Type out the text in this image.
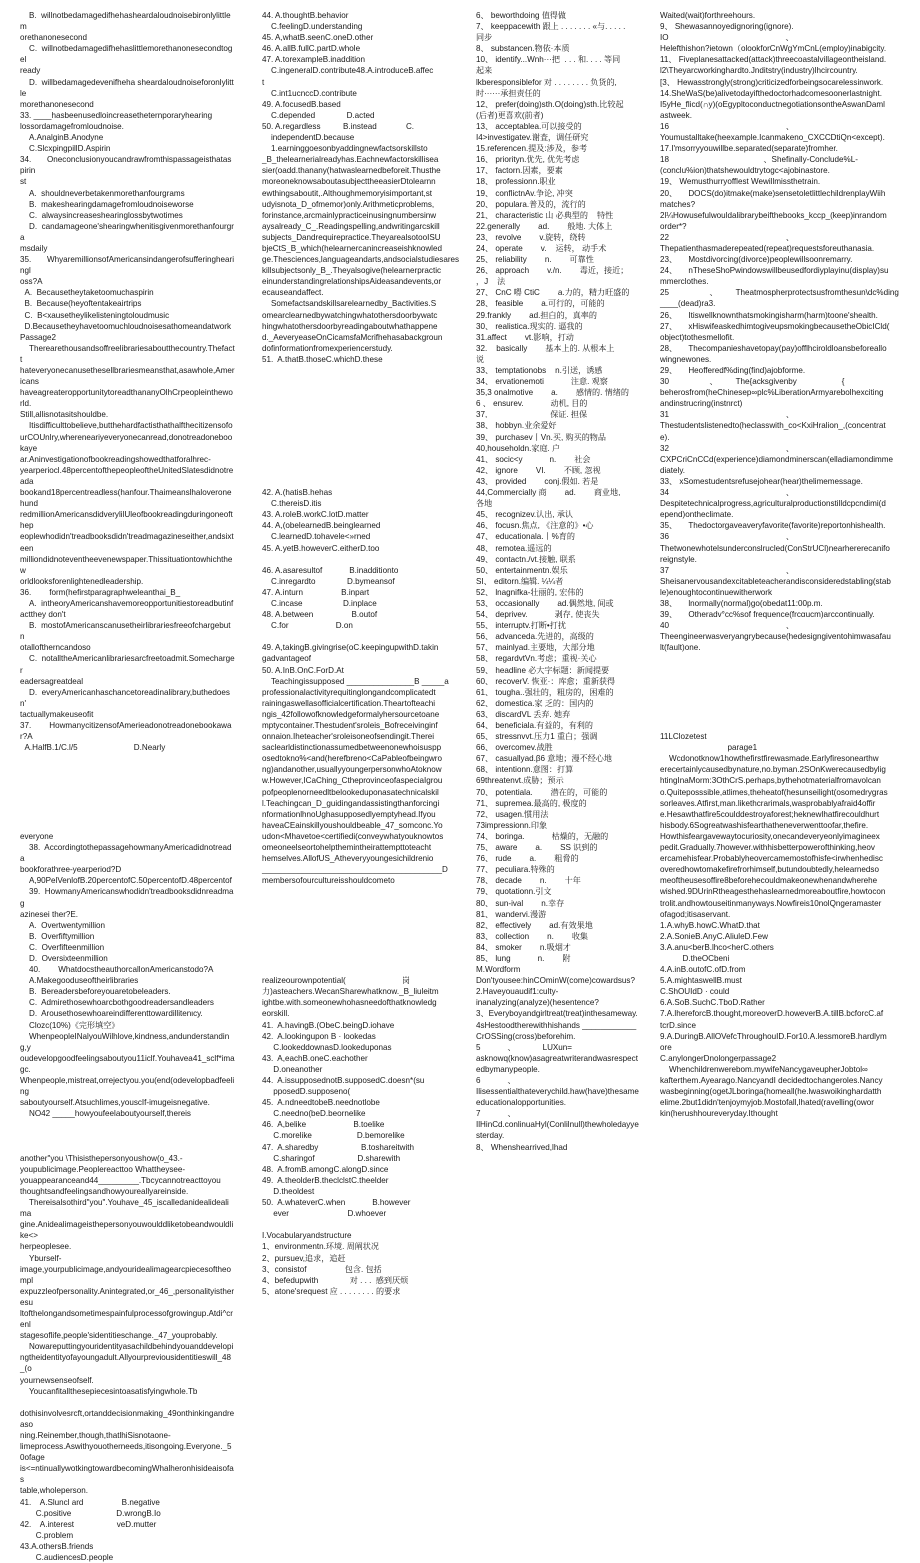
B.  willnotbedamagedifhehasheardaloudnoisebironlylittlem
orethanonesecond
C.  willnotbedamagedifhehaslittlemorethanonesecondtogel
ready
D.  willbedamagedevenifheha sheardaloudnoiseforonlylittle
morethanonesecond
33. ____hasbeenusedloincreasetheternporaryhearing
lossordamagefromloudnoise.
A.AnalginB.Anodyne
C.SlcxpingpillD.Aspirin
34.       Oneconclusionyoucandrawfromthispassageisthataspirin
st
A.  shouldneverbetakenmorethanfourgrams
B.  makeshearingdamagefromloudnoiseworse
C.  alwaysincreaseshearinglossbytwotimes
D.  candamageone'shearingwhenitisgivenmorethanfourgra
msdaily
35.       WhyaremillionsofAmericansindangerofsufferinghearingl
oss?A
A.  Becausetheytaketoomuchaspirin
B.  Because(heyoftentakeairtrips
C.  B<xausetheylikelisteningtoloudmusic
D.Becausetheyhavetoomuchloudnoisesathomeandatwork
Passage2
Therearethousandsoffreelibrariesaboutthecountry.Thefactt
hateveryonecanusethesellbrariesmeansthat,asawhole,Americans
haveagreateropportunitytoreadthananyOlhCrpeopleintheworld.
Still,allisnotasitshouldbe.
Itisdifficulttobelieve,butthehardfactisthathalfthecitizensofo
urCOUnlry,whereneariyeveryonecanread,donotreadonebookaye
ar.Aninvestigationofbookreadingshowedthatforalhrec-
yearperiocl.48percentofthepeopleoftheUnitedSlatesdidnotreada
bookand18percentreadless(hanfour.Thaimeanslhaloveronehund
redmillionAmericansdidverylilUleofbookreadingduringoneofthep
eoplewhodidn'treadbooksdidn'treadmagazineseither,andsixteen
milliondidnoteventheevenewspaper.Thissituationtowhichthew
orldlooksforenlightenedleadership.
36.        form(hefirstparagraphweleanthai_B_
A.  intheoryAmericanshavemoreopportunitiestoreadbutinf
actthey don't
B.  mostofAmericanscanusetheirlibrariesfreeofchargebutn
otalloftherncandoso
C.  notalltheAmericanlibrariesarcfreetoadmit.Somecharger
eadersagreatdeal
D.  everyAmericanhaschancetoreadinalibrary,buthedoesn'
tactuallymakeuseofit
37.        HowmanycitizensofAmerieadonotreadonebookawar?A
A.HalfB.1/C.l/5                         D.Nearly
everyone
38.  AccordingtothepassagehowmanyAmericadidnotreada
bookforathree-yearperiod?D
A,90PelVenlofB.20percentofC.50percentofD.48percentof
39.  HowmanyAmericanswhodidn'treadbooksdidnreadmag
azinesei ther?E.
A.  Overtwentymillion
B.  Overfiftymillion
C.  Overfifteenmillion
D.  Oversixteenmillion
40.        WhatdocstheauthorcallonAmericanstodo?A
A.Makegooduseoftheirlibraries
B.  Bereadersbeforeyouaretobeleaders.
C.  Admirethosewhoarcbothgoodreadersandleaders
D.  Arousethosewhoareindifferenttowardillitenιcy.
Clozc(10%)《完形填空》
WhenpeopleINalyouWilhlove,kindness,andunderstanding,y
oudevelopgoodfeelingsaboutyou11iclf.Youhavea41_sclf*imagc.
Whenpeople,mistreat,orrejectyou.you(end(odevelopbadfeeling
saboutyourself.Atsuchlimes,youscIf-imugeisnegative.
NO42 _____howyoufeelaboutyourself,thereis
another"you \Thisisthepersonyoushow(o_43.-
youpublicimage.Peoplereacttoo Whattheysee-
youappearanceand44_________.Tbcycannotreacttoyou
thoughtsandfeelingsandhowyoureallyareinside.
Thereisalsothird"you".Youhave_45_iscalledanidealidealima
gine.Anidealimageisthepersonyouwoulddliketobeandwouldlike<>
herpeoplesee.
Yburself-
image,yourpublicimage,andyouridealimagearcpiecesoftheompl
expuzzleofpersonality.Anintegrated,or_46_,personalityistheresu
ltofthelongandsometimespainfulprocessofgrowingup.Atdi^crenl
stagesoflife,people'sidentitieschange._47_youprobably.
Nowareputtingyouridentityasachildbehindyouanddevelopi
ngtheidentityofayoungadult.Allyourpreviousidentitieswill_48_(o
yournewsenseofself.
Youcanfitallthesepiecesintoasatisfyingwhole.Tb
dothisinvolvesrcft,ortanddecisionmaking_49onthinkingandreaso
ning.Reinember,though,thatlhiSisnotaone-
limeprocess.Aswithyouotherneeds,itisongoing.Everyone._50ofage
is<=ntinuallywotkingtowardbecomingWhalheronhisideaisofas
table,wholeperson.
41.    A.Sluncl ard                 B.negative
C.positive                    D.wrongB.Io
42.    A.interest                   veD.mutter
C.problem
43.A.othersB.friends
C.audiencesD.people
44. A.thoughtB.behavior
C.feelingD.understanding
45. A,whatB.seenC.oneD.other
46. A.allB.fullC.partD.whole
47. A.torexampleB.inaddition
C.ingeneralD.contribute48.A.introduceB.affec
t
C.int1ucnccD.contribute
49. A.focusedB.based
C.depended              D.acted
50. A.regardless          B.instead             C.
independentD.because
1.earninggoesonbyaddingnewfactsorskillsto
_B_thelearnerialreadyhas.Eachnewfactorskillisea
sier(oadd.thanany(hatwaslearnedbeforeit.Thusthe
moreoneknowsaboutasubjecttheeasierDtolearnn
ewthingsaboutit,.Althoughmemoryisimportant,st
udyisnota_D_ofmemor)only.Arithmeticproblems,
forinstance,arcmainlypracticeinusingnumbersinw
aysalready_C_.Readingspelling,andwritingarcskill
subjects_Dandrequirepractice.TheyarealsotooISU
bjeCtS_B_which(helearnercanincreaseishknowled
ge.Thesciences,languageandarts,andsocialstudiesares
killsubjectsonly_B_.Theyalsogive(helearnerpractic
einunderstandingrelationshipsAideasandevents,or
ecauseandaffect.
Somefactsandskillsarelearnedby_Bactivities.S
omearclearnedbywatchingwhatothersdoorbywatc
hingwhatothersdoorbyreadingaboutwhathappene
d._AeveryeaseOnCicamsfaMcrifhehasabackgroun
dofinformationfromexperiencerstudy.
51.  A.thatB.thoseC.whichD.these
42. A.(hatisB.hehas
C.thereisD.itis
43. A.roleB.workC.lotD.matter
44. A,(obelearnedB.beinglearned
C.learnedD.tohavele<»rned
45. A.yetB.howeverC.eitherD.too
46. A.asaresultof            B.inadditionto
C.inregardto              D.bymeansof
47. A.inturn                 B.inpart
C.incase                  D.inplace
48. A.between                 B.outof
C.for                     D.on
49. A,takingB.givingrise(oC.keepingupwithD.takin
gadvantageof
50. A.InB.OnC.ForD.At
Teachingissupposed _______________B _____a
professionalactivityrequitinglongandcomplicatedt
rainingaswellasofficialcertification.Theartofteachi
ngis_42followofknowledgeformalyhersourcetoane
mptycontainer.Thestudent'sroleis_Bofreceivinginf
onnaion.Iheteacher'sroleisoneofsendingit.Therei
saclearldistinctionassumedbetweenonewhoisuspp
osedtokno%<and(herefbreno<CaPableofbeingwro
ng)andanother,usuallyyoungerpersonwhoAtoknow
w.However,ICaChing_CtheprovinceofaspeciaIgrou
pofpeoplenorneedltbelookeduponasatechnicalskil
l.Teachingcan_D_guidingandassistingthanforcingi
nformationlhnoUghasupposedlyemptyhead.Ifyou
haveaCEainskillyoushouldbeable_47_somconc.Yo
udon<Mhavetoe<certifiedi(conveywhatyouknowtos
omeoneelseortohelpthemintheirattempttoteacht
hemselves.AllofUS_Atheveryyoungesichildrenio
________________________________________D
membersofourcultureisshouldcometo
realizeourownpotential(                         岗
力)asteachers.WecanSharewhatknow._B_liuleitm
ightbe.with.someonewhohasneedofthatknowledg
eorskill.
41.  A.havingB.(ObeC.beingD.iohave
42.  A.lookingupon B · lookedas
C.lookeddownasD.lookeduponas
43.  A,eachB.oneC.eachother
D.oneanother
44.  A.issupposednotB.supposedC.doesn*(su
pposedD.supposeno(
45.  A.ndneedtobeB.neednotlobe
C.needno(beD.beornelike
46.  A,belike                     B.toelike
C.morelike                    D.bemorelike
47.  A.sharedby                   B.toshareitwith
C.sharingof                   D.sharewith
48.  A.fromB.amongC.alongD.since
49.  A.theolderB.theclclstC.theelder
D.theoldest
50.  A.whateverC.when            B.however
ever                          D.whoever
I.Vocabularyandstructure
1、environmentn.环境. 周阐状况
2、pursuev,追求，追赶
3、consistof                 包含. 包括
4、befedupwith              对 . . .  感到厌烦
5、atone'srequest 应 . . . . . . . . 的要求
6、 beworthdoing 值得做
7、 keeppacewith 跟上 . . . . . . . «与. . . . .
同步
8、 substancen.物依·本质
10、 identify...Wnh···把  . . . 和. . . . 等同
起来
lkberesponsiblefor 对 . . . . . . . . 负货的,
时······承担责任的
12、 prefer(doing)sth.O(doing)sth.比较起
(后者)更喜欢(前者)
13、 acceptablea.可以接受的
I4>investigatev.谢査，调任研究
15.referencen.提及:涉及，参考
16、 priorityn.优先, 优先考虑
17、 factorn.因素，要素
18、 professionn.职业
19、 conflictnAv.争论, 冲突
20、 populara.普及的，流行的
21、 characteristic 山 必典型的    特性
22.generally        ad.        般地. 大体上
23、 revolve        v.旋转，绕转
24、 operate        v.    运转， 动手术
25、 reliability        n.        可靠性
26、 approach        v./n.        毒近，接近；
，J    法
27、 CnC 嘚 CtiC        a.力的，精力旺盛的
28、 feasible        a.可行的，可能的
29.frankly        ad.担白的，真率的
30、 realistica.现实的. 逼我的
31.affect        vt.影响，打动
32.    basically        基本上的. 从根本上
说
33、 temptationobs    n.引送，诱感
34、 ervationemoti            注意. 观察
35,3 onalmotive        a.        感情的. 情绪的
6 、 ensurev.            动机, 目的
37,                            保证. 担保
38、 hobbyn.业余爱好
39、 purchasev丨Vn.买, 购买的物品
40,householdn.家庭. 户
41、 socic<y            n.        社会
42、 ignore        VI.        不顾, 忽视
43、 provided        conj.假如. 若是
44,Commercially 商        ad.        商业地,
各地
45、 recognizev.认出, 承认
46、 focusn.焦点, 《注意的》•心
47、 educationala.丨%育的
48、 remotea.遥远的
49、 contactn./vt.接触, 联系
50、 entertainmentn.娱乐
SI、 editorn.编辑. ¼¼者
52、 lnagnifka-壮丽的, 宏伟的
53、 occasionally        ad.偶然地, 间或
54、 deprivev.            剥存, 使丧失
55、 interruptv.打断•打扰
56、 advanceda.先进的，高级的
57、 mainlyad.主要地，大部分地
58、 regardvtVn.考虑；重视·关心
59、 headline 必大字标题：新闻提要
60、 recoverV. 恢亚·：库愈；重新获得
61、 tougha..强壮的，粗房的，困难的
62、 domestica.家 乏的：国内的
63、 discardVL 丢弃. 她弃
64、 beneficiala.有益的，有利的
65、 stressnvvt.压力1 重白；强调
66、 overcomev.战胜
67、 casuallyad.β6 意地；漫不经心地
68、 intentionn.意图：打算
69threatenvt.成胁；预示
70、 potentiala.        潜在的，可能的
71、 supremea.最高的, 极度的
72、 usagen.惯用法
73impressionn.印象
74、 boringa.            枯燥的，无融的
75、 aware        a.        SS 识到的
76、 rude        a.        粗脅的
77、 peculiara.特殊的
78、 decade        n.        十年
79、 quotationn.引文
80、 sun-ival        n.幸存
81、 wandervi.漫游
82、 effectively        ad.有效果地
83、 collection        n.        收集
84、 smoker        n.吸烟才
85、 lung            n.        附
M.Wordform
Don'tyousee:hinCOminW(come)cowardsus?
2.Haveyouaudif1:culty-
inanalyzing(analyze)(hesentence?
3、Everyboyandgirltreat(treat)inthesameway.
4sHestoodtherewithhishands ____________
CrOSSing(cross)beforehim.
5            、            LUXun=
asknowq(know)asagreatwriterandwasrespect
edbymanypeople.
6            、
Ilisessentialthateverychild.haw(have)thesame
educationalopportunities.
7            、
IlHinCd.conlinuaHyl(Conlilnull)thewholedayye
sterday.
8、 Whenshearrived,lhad
Waited(wait)forthreehours.
9、 Shewasannoyedignoring(ignore).
IO                                                    、
Helefthishon?ietown（olookforCnWgYmCnL(employ)inabigcity.
11、 Fiveplanesattacked(attack)threecoastalvillageontheisland.
l2\Theyarcworkinghardto.Jnditstry(industry)lhcircountry.
[3、 Hewasstrongly(strong)criticizedforbeingsocarelessinwork.
14.SheWaS(be)alivetodayifthedoctorhadcomesoonerlastnight.
I5yHe_flicd(∩y)(oEgypltoconductnegotiationsontheAswanDaml
astweek.
16                                                    、
Youmustalltake(heexample.Icanmakeno_CXCCDtiQn<except).
17.I'msorryyouwillbe.separated(separate)fromher.
18                                          、Shefinally-Conclude%L-
(conclu%ion)thatshewouldtrytogc<ajobinastore.
19、 Wemusthurryofflest Wewillmissthetrain.
20、     DOCS(do)itmake(make)sensetoletlittlechildrenplayWiih
matches?
2l¼Howusefulwouldalibrarybeifthebooks_kccp_(keep)inrandom
order*?
22                                                    、
Thepatienthasmaderepeated(repeat)requestsforeuthanasia.
23、     Mostdivorcing(divorce)peoplewillsoonremarry.
24、     nTheseShoPwindowswillbeusedfordiyplayinu(display)su
mmerclothes.
25                  、        Theatmospherprotectsusfromthesun\dc%ding
____(dead)ra3.
26、     Itiswellknownthatsmokingisharm(harm)toone'shealth.
27、     xHiswifeaskedhimtogiveupsmokingbecausetheObicICld(
object)tothesmellofit.
28、     Thecompanieshavetopay(pay)offlhciroldloansbeforeallo
wingnewones.
29、     Heofferedf%ding(find)ajobforme.
30                  、        The{acksgivenby                    {
beherosfrom(heChinesep∞plc%LiberationArmyarebolhexciting
andinstrucring(instrιrct)
31                                                    、
Thestudentslistenedto(heclasswith_co<KxiHralion_,(concentrat
e).
32                                                    、
CXPCriCnCCd(experience)diamondminerscan(elladiamondimme
diately.
33、 xSomestudentsrefusejohear(hear)thelimemessage.
34                                                    、
Despitetechnicalprogress,agriculturalproductionstilldcpcndimi(d
epend)ontheclimate.
35、     Thedoctorgaveaveryfavorite(favorite)reportonhishealth.
36                                                    、
Thetwonewhotelsunderconslrucled(ConStrUCl)nearhererecanifo
reignstyle.
37                                                    、
Sheisanervousandexcitableteacherandisconsideredstabling(stab
le)enoughtocontinuewitherwork
38、     lnormally(normal)go(obedat11:00p.m.
39、     Otheradv°cc%sof frequence(frcαucm)arccontinually.
40                                                    、
Theengineerwasveryangrybecause(hedesigngiventohimwasafau
lt(fault)one.
11LClozetest
parage1
Wcdonotknow1howthefirstfirewasmade.Earlyfiresonearthw
erecertainlycausedbynature,no.byman.2SOnKwerecausedbylig
htingInaMorm:3OthCrS.perhaps,bythehotmaterialfromavolcan
o.Quiteposssible,atlimes,theheatof(hesunseilight(osomedrygras
sorleaves.Atfirst,man.likethcrarimals,wasprobablyafraid4offir
e.Hesawthatfire5coulddestroyaforest;heknewlhatfirecouldhurt
hisbody.6Sogreatwashisfearthatheneverwenttoofar,thefire.
Howthisfeargavewaytocuriosity,onecandeveryeonlyimagineex
pedit.Gradually.7however.withhisbetterpowerofthinking,heov
ercamehisfear.Probablyheovercamemostofhisfe<irwhenhedisc
overedhowtomakefirefrorhimself,butundoubtedly,helearnedso
meoftheusesoffire8beforehecouldmakeonewhenandwherehe
wished.9DUrinRtheagesthehaslearnedmoreaboutfire,howtocon
trolit.andhowtouseitinmanyways.Nowfireis10nolQngeramaster
ofagod;itisaservant.
1.A.whyB.howC.WhatD.that
2.A.SonieB.AnyC.AliuleD.Few
3.A.anu<berB.lhco<herC.others
D.theOCbeni
4.A.inB.outofC.ofD.from
5.A.mightaswellB.must
C.ShOUIdD · could
6.A.SoB.SuchC.TboD.Rather
7.A.lhereforcB.thought,moreoverD.howeverB.A.tillB.bcforcC.af
tcrD.since
9.A.DuringB.AllOVefcThroughouID.For10.A.lessmoreB.hardlym
ore
C.anylongerDnolongerpassage2
Whenchildrenwerebom.mywifeNancygaveupherJobtol∞
kafterthem.Ayearago.NancyandI decidedtochangeroles.Nancy
wasbeginning(ogetJLboringa(homeall(he.lwaswoikinghardatth
elime.2but1didn'tenjoymyjob.Mostofall,lhated(ravelling(owor
kin(herushhoureveryday.Ithought
